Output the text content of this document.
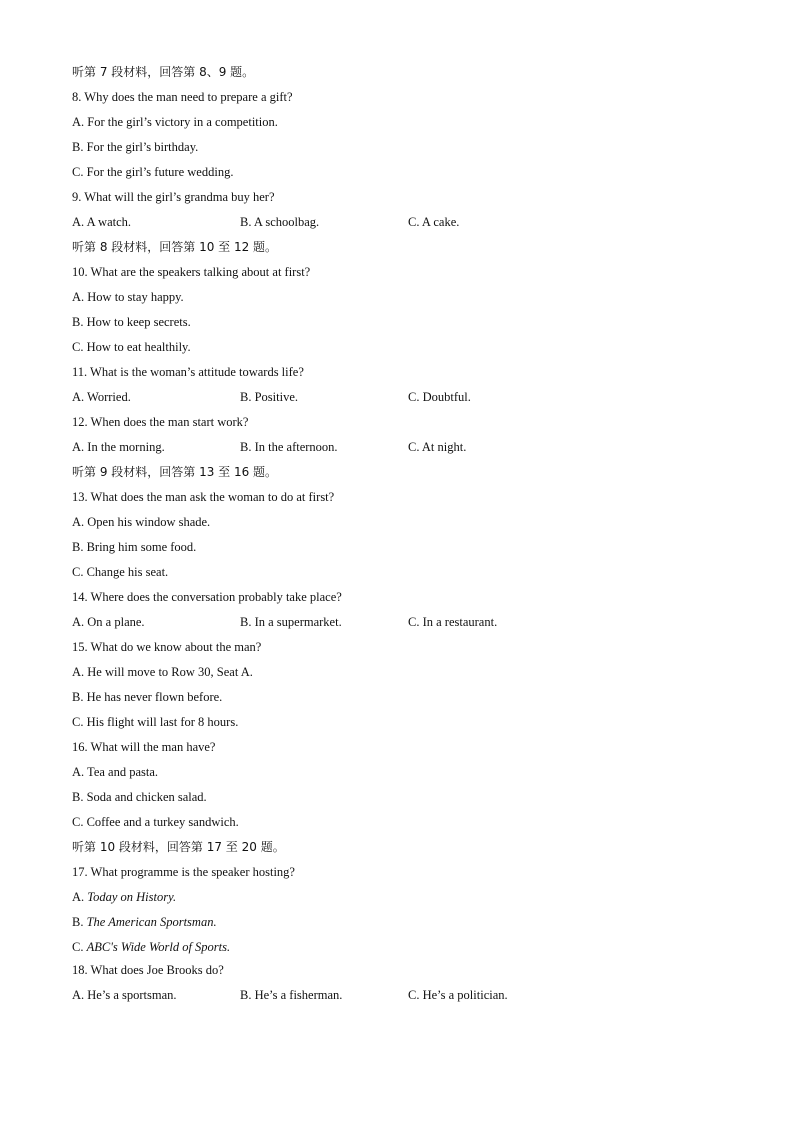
听第 7 段材料，回答第 8、9 题。
8. Why does the man need to prepare a gift?
A. For the girl’s victory in a competition.
B. For the girl’s birthday.
C. For the girl’s future wedding.
9. What will the girl’s grandma buy her?
A. A watch.	B. A schoolbag.	C. A cake.
听第 8 段材料，回答第 10 至 12 题。
10. What are the speakers talking about at first?
A. How to stay happy.
B. How to keep secrets.
C. How to eat healthily.
11. What is the woman’s attitude towards life?
A. Worried.	B. Positive.	C. Doubtful.
12. When does the man start work?
A. In the morning.	B. In the afternoon.	C. At night.
听第 9 段材料，回答第 13 至 16 题。
13. What does the man ask the woman to do at first?
A. Open his window shade.
B. Bring him some food.
C. Change his seat.
14. Where does the conversation probably take place?
A. On a plane.	B. In a supermarket.	C. In a restaurant.
15. What do we know about the man?
A. He will move to Row 30, Seat A.
B. He has never flown before.
C. His flight will last for 8 hours.
16. What will the man have?
A. Tea and pasta.
B. Soda and chicken salad.
C. Coffee and a turkey sandwich.
听第 10 段材料，回答第 17 至 20 题。
17. What programme is the speaker hosting?
A. Today on History.
B. The American Sportsman.
C. ABC's Wide World of Sports.
18. What does Joe Brooks do?
A. He’s a sportsman.	B. He’s a fisherman.	C. He’s a politician.
